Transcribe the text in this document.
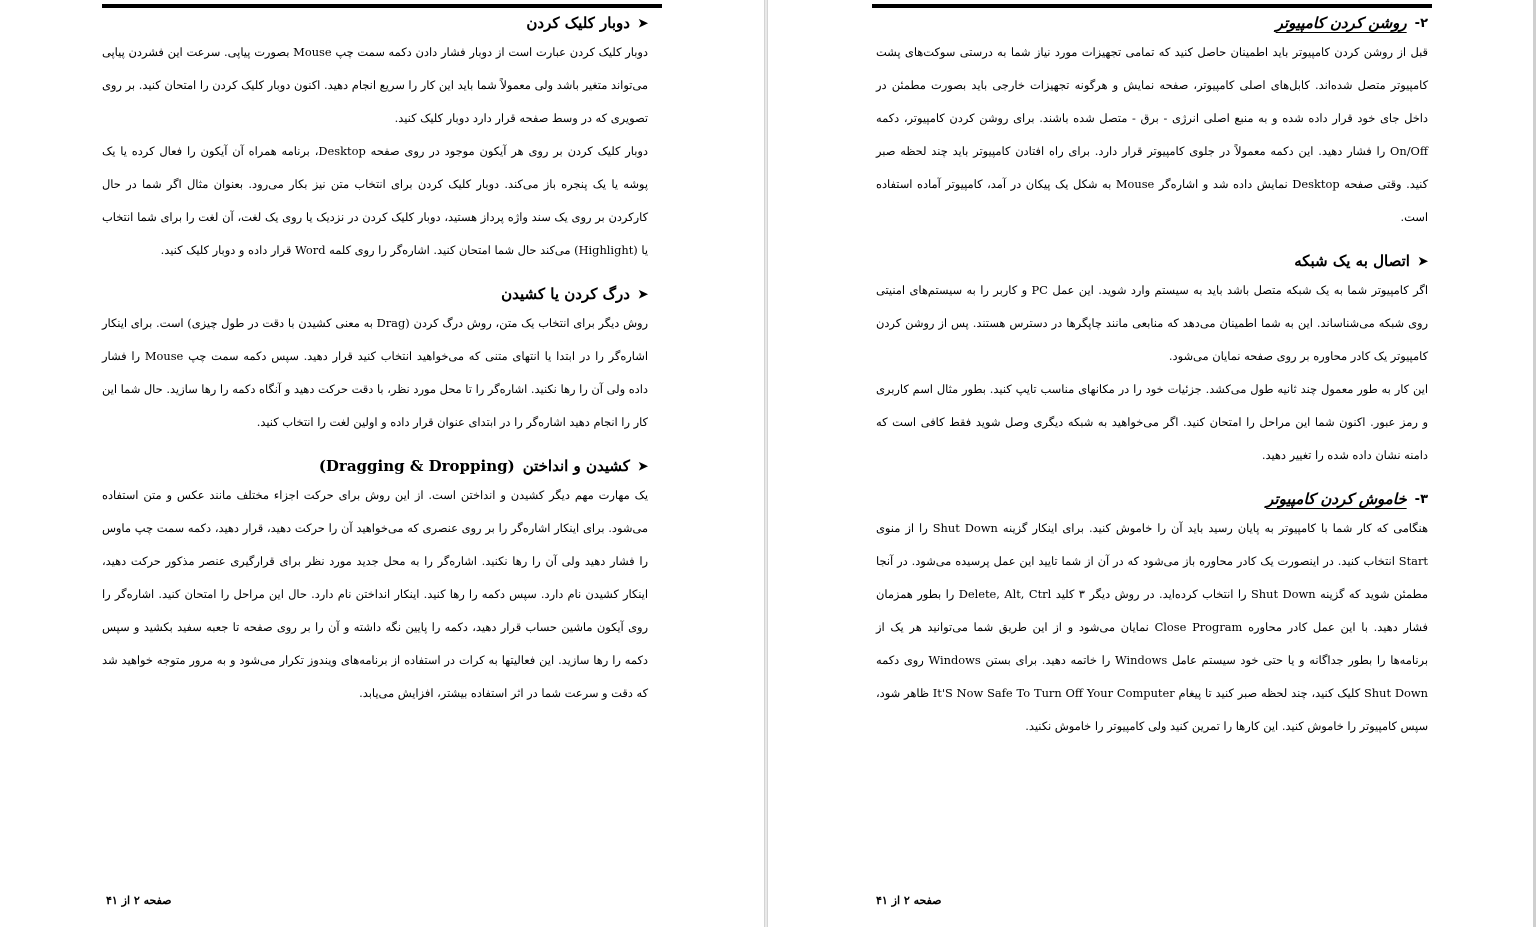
➤
دوبار کلیک کردن

دوبار کلیک کردن عبارت است از دوبار فشار دادن دکمه سمت چپ Mouse بصورت پیاپی. سرعت این فشردن پیاپی می‌تواند متغیر باشد ولی معمولاً شما باید این کار را سریع انجام دهید. اکنون دوبار کلیک کردن را امتحان کنید. بر روی تصویری که در وسط صفحه قرار دارد دوبار کلیک کنید.

دوبار کلیک کردن بر روی هر آیکون موجود در روی صفحه Desktop، برنامه همراه آن آیکون را فعال کرده یا یک پوشه یا یک پنجره باز می‌کند. دوبار کلیک کردن برای انتخاب متن نیز بکار می‌رود. بعنوان مثال اگر شما در حال کارکردن بر روی یک سند واژه پرداز هستید، دوبار کلیک کردن در نزدیک یا روی یک لغت، آن لغت را برای شما انتخاب یا (Highlight) می‌کند حال شما امتحان کنید. اشاره‌گر را روی کلمه Word قرار داده و دوبار کلیک کنید.

➤
درگ کردن یا کشیدن

روش دیگر برای انتخاب یک متن، روش درگ کردن (Drag به معنی کشیدن با دقت در طول چیزی) است. برای اینکار اشاره‌گر را در ابتدا یا انتهای متنی که می‌خواهید انتخاب کنید قرار دهید. سپس دکمه سمت چپ Mouse را فشار داده ولی آن را رها نکنید. اشاره‌گر را تا محل مورد نظر، با دقت حرکت دهید و آنگاه دکمه را رها سازید. حال شما این کار را انجام دهید اشاره‌گر را در ابتدای عنوان قرار داده و اولین لغت را انتخاب کنید.

➤
کشیدن و انداختن
(Dragging & Dropping)

یک مهارت مهم دیگر کشیدن و انداختن است. از این روش برای حرکت اجزاء مختلف مانند عکس و متن استفاده می‌شود. برای اینکار اشاره‌گر را بر روی عنصری که می‌خواهید آن را حرکت دهید، قرار دهید، دکمه سمت چپ ماوس را فشار دهید ولی آن را رها نکنید. اشاره‌گر را به محل جدید مورد نظر برای قرارگیری عنصر مذکور حرکت دهید، اینکار کشیدن نام دارد. سپس دکمه را رها کنید. اینکار انداختن نام دارد. حال این مراحل را امتحان کنید. اشاره‌گر را روی آیکون ماشین حساب قرار دهید، دکمه را پایین نگه داشته و آن را بر روی صفحه تا جعبه سفید بکشید و سپس دکمه را رها سازید. این فعالیتها به کرات در استفاده از برنامه‌های ویندوز تکرار می‌شود و به مرور متوجه خواهید شد که دقت و سرعت شما در اثر استفاده بیشتر، افزایش می‌یابد.

صفحه ۲ از ۴۱
۲-
روشن کردن کامپیوتر

قبل از روشن کردن کامپیوتر باید اطمینان حاصل کنید که تمامی تجهیزات مورد نیاز شما به درستی سوکت‌های پشت کامپیوتر متصل شده‌اند. کابل‌های اصلی کامپیوتر، صفحه نمایش و هرگونه تجهیزات خارجی باید بصورت مطمئن در داخل جای خود قرار داده شده و به منبع اصلی انرژی - برق - متصل شده باشند. برای روشن کردن کامپیوتر، دکمه On/Off را فشار دهید. این دکمه معمولاً در جلوی کامپیوتر قرار دارد. برای راه افتادن کامپیوتر باید چند لحظه صبر کنید. وقتی صفحه Desktop نمایش داده شد و اشاره‌گر Mouse به شکل یک پیکان در آمد، کامپیوتر آماده استفاده است.

➤
اتصال به یک شبکه

اگر کامپیوتر شما به یک شبکه متصل باشد باید به سیستم وارد شوید. این عمل PC و کاربر را به سیستم‌های امنیتی روی شبکه می‌شناساند. این به شما اطمینان می‌دهد که منابعی مانند چاپگرها در دسترس هستند. پس از روشن کردن کامپیوتر یک کادر محاوره بر روی صفحه نمایان می‌شود.

این کار به طور معمول چند ثانیه طول می‌کشد. جزئیات خود را در مکانهای مناسب تایپ کنید. بطور مثال اسم کاربری و رمز عبور. اکنون شما این مراحل را امتحان کنید. اگر می‌خواهید به شبکه دیگری وصل شوید فقط کافی است که دامنه نشان داده شده را تغییر دهید.

۳-
خاموش کردن کامپیوتر

هنگامی که کار شما با کامپیوتر به پایان رسید باید آن را خاموش کنید. برای اینکار گزینه Shut Down را از منوی Start انتخاب کنید. در اینصورت یک کادر محاوره باز می‌شود که در آن از شما تایید این عمل پرسیده می‌شود. در آنجا مطمئن شوید که گزینه Shut Down را انتخاب کرده‌اید. در روش دیگر ۳ کلید Delete, Alt, Ctrl را بطور همزمان فشار دهید. با این عمل کادر محاوره Close Program نمایان می‌شود و از این طریق شما می‌توانید هر یک از برنامه‌ها را بطور جداگانه و یا حتی خود سیستم عامل Windows را خاتمه دهید. برای بستن Windows روی دکمه Shut Down کلیک کنید، چند لحظه صبر کنید تا پیغام It'S Now Safe To Turn Off Your Computer ظاهر شود، سپس کامپیوتر را خاموش کنید. این کارها را تمرین کنید ولی کامپیوتر را خاموش نکنید.

صفحه ۲ از ۴۱
